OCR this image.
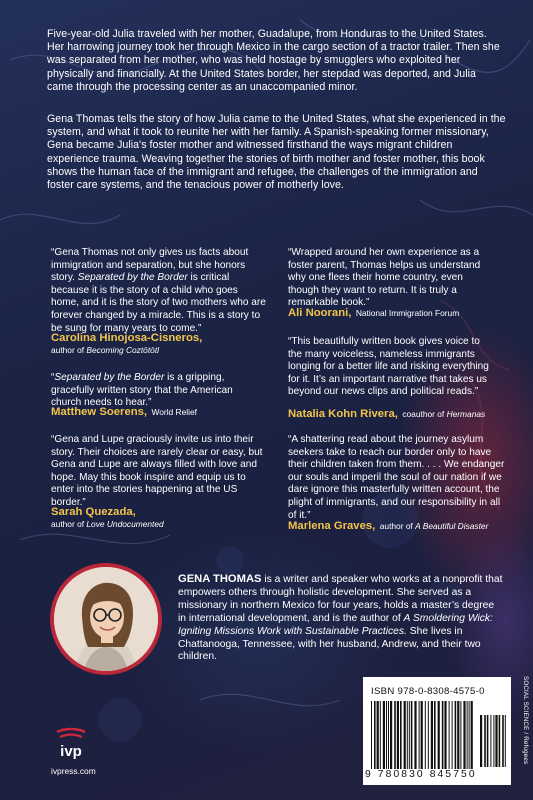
Five-year-old Julia traveled with her mother, Guadalupe, from Honduras to the United States. Her harrowing journey took her through Mexico in the cargo section of a tractor trailer. Then she was separated from her mother, who was held hostage by smugglers who exploited her physically and financially. At the United States border, her stepdad was deported, and Julia came through the processing center as an unaccompanied minor.

Gena Thomas tells the story of how Julia came to the United States, what she experienced in the system, and what it took to reunite her with her family. A Spanish-speaking former missionary, Gena became Julia's foster mother and witnessed firsthand the ways migrant children experience trauma. Weaving together the stories of birth mother and foster mother, this book shows the human face of the immigrant and refugee, the challenges of the immigration and foster care systems, and the tenacious power of motherly love.

“Gena Thomas not only gives us facts about immigration and separation, but she honors story. Separated by the Border is critical because it is the story of a child who goes home, and it is the story of two mothers who are forever changed by a miracle. This is a story to be sung for many years to come.”

Carolina Hinojosa-Cisneros,
author of Becoming Coztōtōtl

“Separated by the Border is a gripping, gracefully written story that the American church needs to hear.”

Matthew Soerens, World Relief

“Gena and Lupe graciously invite us into their story. Their choices are rarely clear or easy, but Gena and Lupe are always filled with love and hope. May this book inspire and equip us to enter into the stories happening at the US border.”

Sarah Quezada,
author of Love Undocumented

“Wrapped around her own experience as a foster parent, Thomas helps us understand why one flees their home country, even though they want to return. It is truly a remarkable book.”

Ali Noorani, National Immigration Forum

“This beautifully written book gives voice to the many voiceless, nameless immigrants longing for a better life and risking everything for it. It’s an important narrative that takes us beyond our news clips and political reads.”

Natalia Kohn Rivera, coauthor of Hermanas

“A shattering read about the journey asylum seekers take to reach our border only to have their children taken from them. . . . We endanger our souls and imperil the soul of our nation if we dare ignore this masterfully written account, the plight of immigrants, and our responsibility in all of it.”

Marlena Graves, author of A Beautiful Disaster

GENA THOMAS is a writer and speaker who works at a nonprofit that empowers others through holistic development. She served as a missionary in northern Mexico for four years, holds a master’s degree in international development, and is the author of A Smoldering Wick: Igniting Missions Work with Sustainable Practices. She lives in Chattanooga, Tennessee, with her husband, Andrew, and their two children.

ISBN 978-0-8308-4575-0
9 780830 845750
SOCIAL SCIENCE / Refugees
ivp

ivpress.com
